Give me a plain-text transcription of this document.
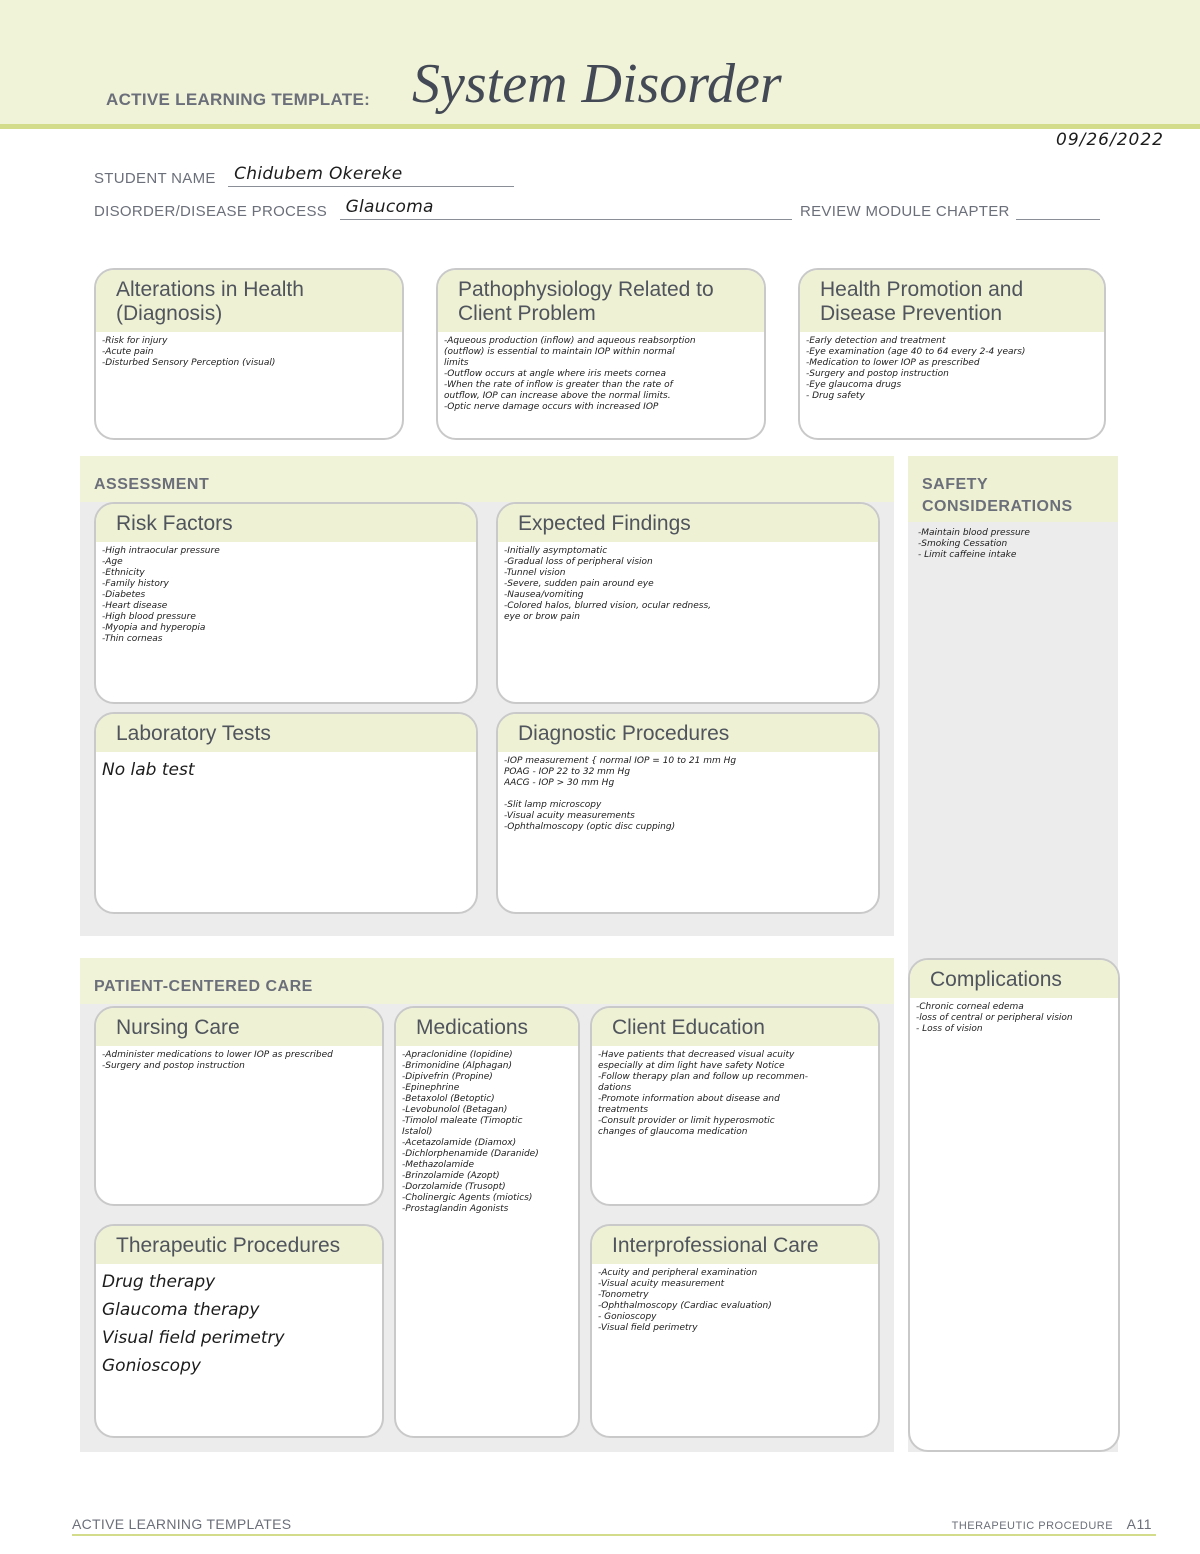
ACTIVE LEARNING TEMPLATE: System Disorder
09/26/2022
STUDENT NAME Chidubem Okereke
DISORDER/DISEASE PROCESS Glaucoma	REVIEW MODULE CHAPTER
Alterations in Health (Diagnosis)
-Risk for injury
-Acute pain
-Disturbed Sensory Perception (visual)
Pathophysiology Related to Client Problem
-Aqueous production (inflow) and aqueous reabsorption
(outflow) is essential to maintain IOP within normal
limits
-Outflow occurs at angle where iris meets cornea
-When the rate of inflow is greater than the rate of
outflow, IOP can increase above the normal limits.
-Optic nerve damage occurs with increased IOP
Health Promotion and Disease Prevention
-Early detection and treatment
-Eye examination (age 40 to 64 every 2-4 years)
-Medication to lower IOP as prescribed
-Surgery and postop instruction
-Eye glaucoma drugs
- Drug safety
ASSESSMENT
Risk Factors
-High intraocular pressure
-Age
-Ethnicity
-Family history
-Diabetes
-Heart disease
-High blood pressure
-Myopia and hyperopia
-Thin corneas
Expected Findings
-Initially asymptomatic
-Gradual loss of peripheral vision
-Tunnel vision
-Severe, sudden pain around eye
-Nausea/vomiting
-Colored halos, blurred vision, ocular redness,
eye or brow pain
Laboratory Tests
No lab test
Diagnostic Procedures
-IOP measurement { normal IOP = 10 to 21 mm Hg
POAG - IOP 22 to 32 mm Hg
AACG - IOP > 30 mm Hg

-Slit lamp microscopy
-Visual acuity measurements
-Ophthalmoscopy (optic disc cupping)
SAFETY CONSIDERATIONS
-Maintain blood pressure
-Smoking Cessation
- Limit caffeine intake
Complications
-Chronic corneal edema
-loss of central or peripheral vision
- Loss of vision
PATIENT-CENTERED CARE
Nursing Care
-Administer medications to lower IOP as prescribed
-Surgery and postop instruction
Medications
-Apraclonidine (Iopidine)
-Brimonidine (Alphagan)
-Dipivefrin (Propine)
-Epinephrine
-Betaxolol (Betoptic)
-Levobunolol (Betagan)
-Timolol maleate (Timoptic
Istalol)
-Acetazolamide (Diamox)
-Dichlorphenamide (Daranide)
-Methazolamide
-Brinzolamide (Azopt)
-Dorzolamide (Trusopt)
-Cholinergic Agents (miotics)
-Prostaglandin Agonists
Client Education
-Have patients that decreased visual acuity
especially at dim light have safety Notice
-Follow therapy plan and follow up recommen-
dations
-Promote information about disease and
treatments
-Consult provider or limit hyperosmotic
changes of glaucoma medication
Therapeutic Procedures
Drug therapy
Glaucoma therapy
Visual field perimetry
Gonioscopy
Interprofessional Care
-Acuity and peripheral examination
-Visual acuity measurement
-Tonometry
-Ophthalmoscopy (Cardiac evaluation)
- Gonioscopy
-Visual field perimetry
ACTIVE LEARNING TEMPLATES	THERAPEUTIC PROCEDURE A11
